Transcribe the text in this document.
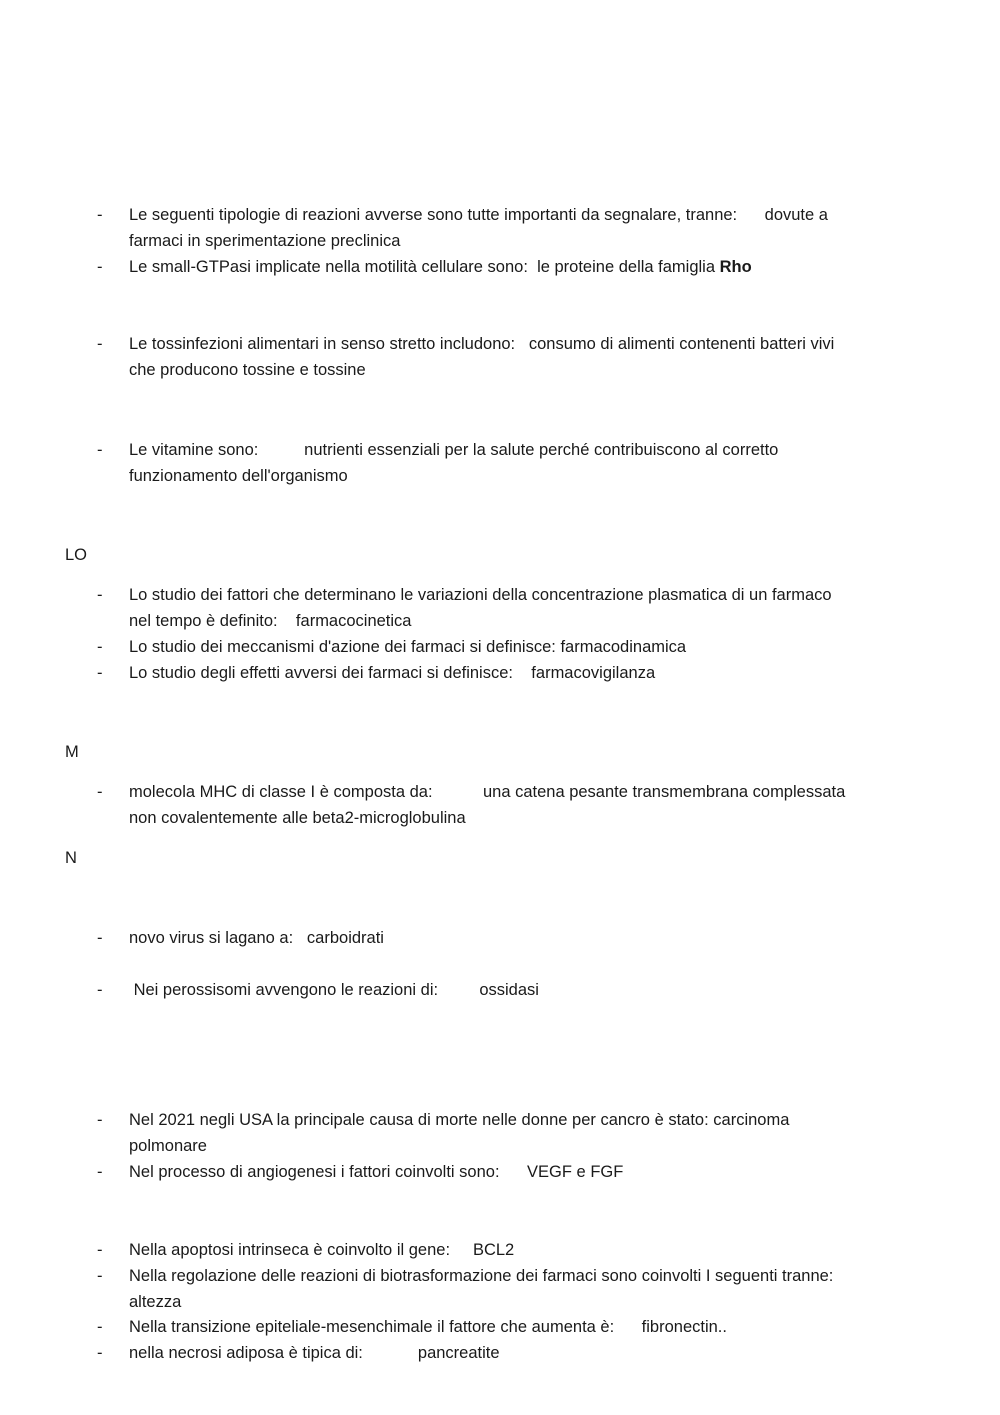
- Le seguenti tipologie di reazioni avverse sono tutte importanti da segnalare, tranne:      dovute a
farmaci in sperimentazione preclinica
- Le small-GTPasi implicate nella motilità cellulare sono:  le proteine della famiglia Rho
- Le tossinfezioni alimentari in senso stretto includono:   consumo di alimenti contenenti batteri vivi
che producono tossine e tossine
- Le vitamine sono:          nutrienti essenziali per la salute perché contribuiscono al corretto
funzionamento dell'organismo
LO
- Lo studio dei fattori che determinano le variazioni della concentrazione plasmatica di un farmaco
nel tempo è definito:    farmacocinetica
- Lo studio dei meccanismi d'azione dei farmaci si definisce: farmacodinamica
- Lo studio degli effetti avversi dei farmaci si definisce:    farmacovigilanza
M
- molecola MHC di classe I è composta da:           una catena pesante transmembrana complessata
non covalentemente alle beta2-microglobulina
N
- novo virus si lagano a:   carboidrati
- Nei perossisomi avvengono le reazioni di:         ossidasi
- Nel 2021 negli USA la principale causa di morte nelle donne per cancro è stato: carcinoma
polmonare
- Nel processo di angiogenesi i fattori coinvolti sono:      VEGF e FGF
- Nella apoptosi intrinseca è coinvolto il gene:     BCL2
- Nella regolazione delle reazioni di biotrasformazione dei farmaci sono coinvolti I seguenti tranne:
altezza
- Nella transizione epiteliale-mesenchimale il fattore che aumenta è:      fibronectin..
- nella necrosi adiposa è tipica di:            pancreatite
